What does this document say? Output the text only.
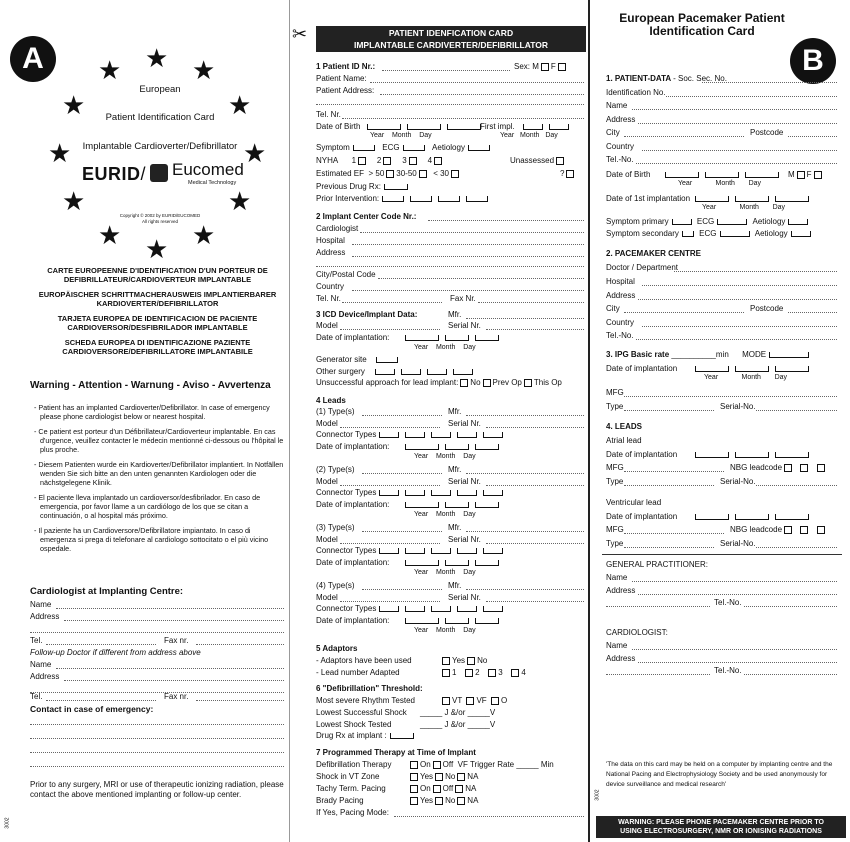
A	★ ★
★
★
★
★
★
★
★
★
★
★
European
Patient Identification Card
Implantable Cardioverter/Defibrillator
EURID/ Eucomed
Medical Technology
Copyright © 2002 by EURID/EUCOMED
All rights reserved
CARTE EUROPEENNE D'IDENTIFICATION D'UN PORTEUR DE DEFIBRILLATEUR/CARDIOVERTEUR IMPLANTABLE
EUROPÄISCHER SCHRITTMACHERAUSWEIS IMPLANTIERBARER KARDIOVERTER/DEFIBRILLATOR
TARJETA EUROPEA DE IDENTIFICACION DE PACIENTE CARDIOVERSOR/DESFIBRILADOR IMPLANTABLE
SCHEDA EUROPEA DI IDENTIFICAZIONE PAZIENTE CARDIOVERSORE/DEFIBRILLATORE IMPLANTABILE
Warning - Attention - Warnung - Aviso - Avvertenza

- Patient has an implanted Cardioverter/Defibrillator. In case of emergency please phone cardiologist below or nearest hospital.

- Ce patient est porteur d'un Défibrillateur/Cardioverteur implantable. En cas d'urgence, veuillez contacter le médecin mentionné ci-dessous ou l'hôpital le plus proche.

- Diesem Patienten wurde ein Kardioverter/Defibrillator implantiert. In Notfällen wenden Sie sich bitte an den unten genannten Kardiologen oder die nächstgelegene Klinik.

- El paciente lleva implantado un cardioversor/desfibrilador. En caso de emergencia, por favor llame a un cardiólogo de los que se citan a continuación, o al hospital más próximo.

- Il paziente ha un Cardioversore/Defibrillatore impiantato. In caso di emergenza si prega di telefonare al cardiologo sottocitato o el più vicino ospedale.

Cardiologist at Implanting Centre:
Name
Address
Tel.	Fax nr.
Follow-up Doctor if different from address above
Name
Address
Tel.	Fax nr.
Contact in case of emergency:
Prior to any surgery, MRI or use of therapeutic ionizing radiation, please contact the above mentioned implanting or follow-up center.
3002
✂	PATIENT IDENFICATION CARD
IMPLANTABLE CARDIVERTER/DEFIBRILLATOR
1 Patient ID Nr.:	Sex: M F
Patient Name:
Patient Address:
Tel. Nr.
Date of Birth	First impl.
Year Month Day	Year Month Day
Symptom	ECG	Aetiology
NYHA 1	2	3	4	Unassessed
Estimated EF > 50 30-50 < 30	?
Previous Drug Rx:
Prior Intervention:
2 Implant Center Code Nr.:
Cardiologist
Hospital
Address
City/Postal Code
Country
Tel. Nr.	Fax Nr.
3 ICD Device/Implant Data:	Mfr.
Model	Serial Nr.
Date of implantation:
Year Month Day
Generator site
Other surgery
Unsuccessful approach for lead implant: No Prev Op This Op
4 Leads
(1) Type(s)	Mfr.
Model	Serial Nr.
Connector Types
Date of implantation:
Year Month Day
(2) Type(s)	Mfr.
Model	Serial Nr.
Connector Types
Date of implantation:
Year Month Day
(3) Type(s)	Mfr.
Model	Serial Nr.
Connector Types
Date of implantation:
Year Month Day
(4) Type(s)	Mfr.
Model	Serial Nr.
Connector Types
Date of implantation:
Year Month Day
5 Adaptors
- Adaptors have been used	Yes No
- Lead number Adapted	1 2 3 4
6 "Defibrillation" Threshold:
Most severe Rhythm Tested	VT VF O
Lowest Successful Shock _____ J &/or _____V
Lowest Shock Tested	_____ J &/or _____V
Drug Rx at implant :
7 Programmed Therapy at Time of Implant
Defibrillation Therapy	On Off VF Trigger Rate _____ Min
Shock in VT Zone	Yes No NA
Tachy Term. Pacing	On Off NA
Brady Pacing	Yes No NA
If Yes, Pacing Mode:
European Pacemaker Patient
Identification Card
B
1. PATIENT-DATA - Soc. Sec. No.
Identification No.
Name
Address
City	Postcode
Country
Tel.-No.
Date of Birth	M F
Year	Month Day
Date of 1st implantation
Year	Month Day
Symptom primary	ECG	Aetiology
Symptom secondary	ECG	Aetiology
2. PACEMAKER CENTRE
Doctor / Department
Hospital
Address
City	Postcode
Country
Tel.-No.
3. IPG Basic rate __________min MODE
Date of implantation
Year	Month Day
MFG
Type	Serial-No.
4. LEADS
Atrial lead
Date of implantation
MFG	NBG leadcode
Type	Serial-No.
Ventricular lead
Date of implantation
MFG	NBG leadcode
Type	Serial-No.
GENERAL PRACTITIONER:
Name
Address
Tel.-No.
CARDIOLOGIST:
Name
Address
Tel.-No.
'The data on this card may be held on a computer by implanting centre and the National Pacing and Electrophysiology Society and be used anonymously for device surveillance and medical research'
3002
WARNING: PLEASE PHONE PACEMAKER CENTRE PRIOR TO
USING ELECTROSURGERY, NMR OR IONISING RADIATIONS
